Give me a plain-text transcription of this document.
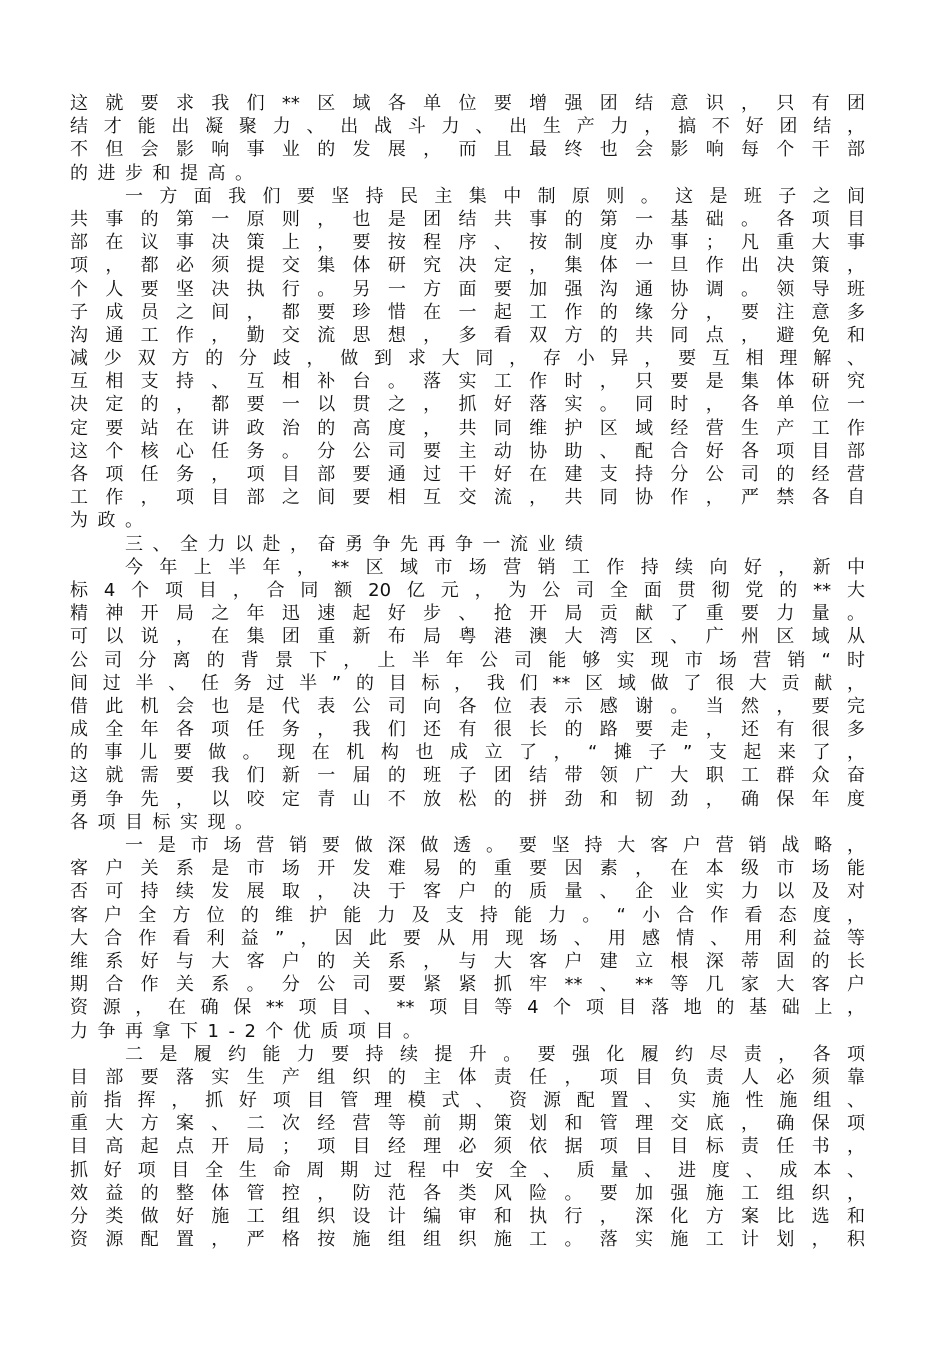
这就要求我们**区域各单位要增强团结意识，只有团
结才能出凝聚力、出战斗力、出生产力，搞不好团结，
不但会影响事业的发展，而且最终也会影响每个干部
的进步和提高。
一方面我们要坚持民主集中制原则。这是班子之间
共事的第一原则，也是团结共事的第一基础。各项目
部在议事决策上，要按程序、按制度办事；凡重大事
项，都必须提交集体研究决定，集体一旦作出决策，
个人要坚决执行。另一方面要加强沟通协调。领导班
子成员之间，都要珍惜在一起工作的缘分，要注意多
沟通工作，勤交流思想，多看双方的共同点，避免和
减少双方的分歧，做到求大同，存小异，要互相理解、
互相支持、互相补台。落实工作时，只要是集体研究
决定的，都要一以贯之，抓好落实。同时，各单位一
定要站在讲政治的高度，共同维护区域经营生产工作
这个核心任务。分公司要主动协助、配合好各项目部
各项任务，项目部要通过干好在建支持分公司的经营
工作，项目部之间要相互交流，共同协作，严禁各自
为政。
三、全力以赴，奋勇争先再争一流业绩
今年上半年，**区域市场营销工作持续向好，新中
标4个项目，合同额20亿元，为公司全面贯彻党的**大
精神开局之年迅速起好步、抢开局贡献了重要力量。
可以说，在集团重新布局粤港澳大湾区、广州区域从
公司分离的背景下，上半年公司能够实现市场营销“时
间过半、任务过半”的目标，我们**区域做了很大贡献，
借此机会也是代表公司向各位表示感谢。当然，要完
成全年各项任务，我们还有很长的路要走，还有很多
的事儿要做。现在机构也成立了，“摊子”支起来了，
这就需要我们新一届的班子团结带领广大职工群众奋
勇争先，以咬定青山不放松的拼劲和韧劲，确保年度
各项目标实现。
一是市场营销要做深做透。要坚持大客户营销战略，
客户关系是市场开发难易的重要因素，在本级市场能
否可持续发展取，决于客户的质量、企业实力以及对
客户全方位的维护能力及支持能力。“小合作看态度，
大合作看利益”，因此要从用现场、用感情、用利益等
维系好与大客户的关系，与大客户建立根深蒂固的长
期合作关系。分公司要紧紧抓牢**、**等几家大客户
资源，在确保**项目、**项目等4个项目落地的基础上，
力争再拿下1-2个优质项目。
二是履约能力要持续提升。要强化履约尽责，各项
目部要落实生产组织的主体责任，项目负责人必须靠
前指挥，抓好项目管理模式、资源配置、实施性施组、
重大方案、二次经营等前期策划和管理交底，确保项
目高起点开局；项目经理必须依据项目目标责任书，
抓好项目全生命周期过程中安全、质量、进度、成本、
效益的整体管控，防范各类风险。要加强施工组织，
分类做好施工组织设计编审和执行，深化方案比选和
资源配置，严格按施组组织施工。落实施工计划，积
